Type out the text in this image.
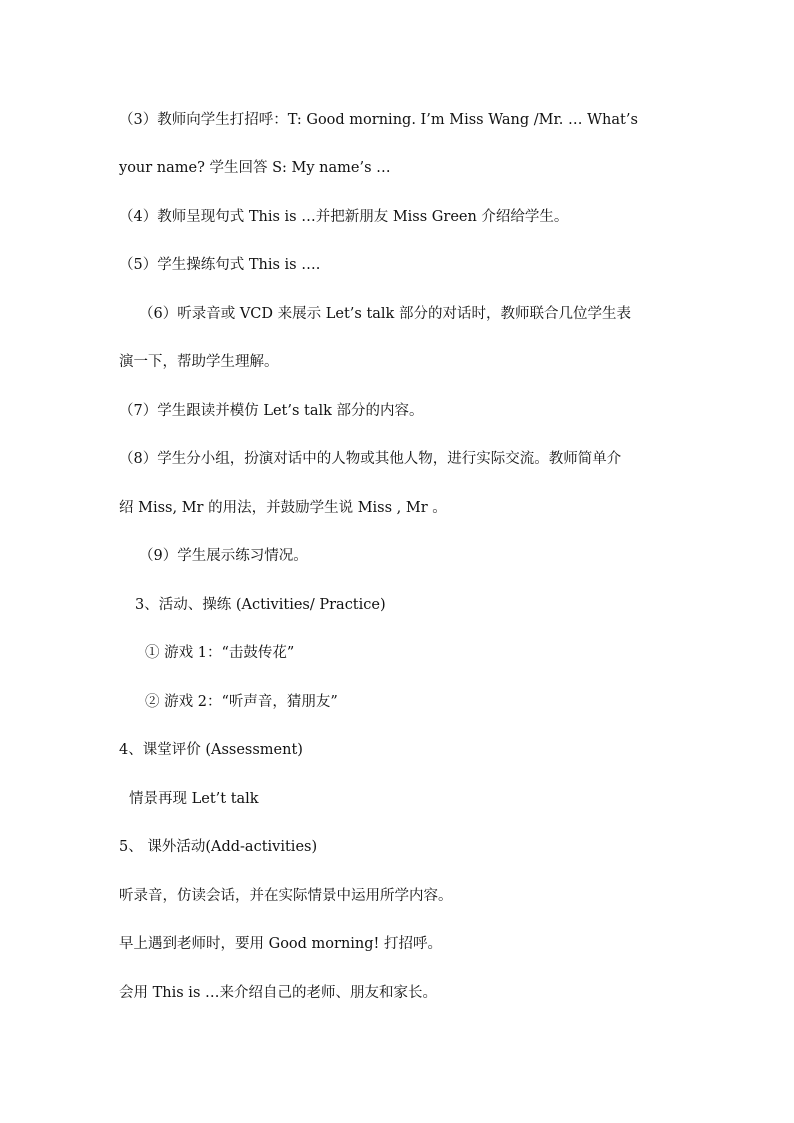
（3）教师向学生打招呼：T: Good morning. I’m Miss Wang /Mr. … What’s
your name? 学生回答 S: My name’s …
（4）教师呈现句式 This is …并把新朋友 Miss Green 介绍给学生。
（5）学生操练句式 This is ….
（6）听录音或 VCD 来展示 Let’s talk 部分的对话时，教师联合几位学生表
演一下，帮助学生理解。
（7）学生跟读并模仿 Let’s talk 部分的内容。
（8）学生分小组，扮演对话中的人物或其他人物，进行实际交流。教师简单介
绍 Miss, Mr 的用法，并鼓励学生说 Miss , Mr 。
（9）学生展示练习情况。
3、活动、操练 (Activities/ Practice)
① 游戏 1：“击鼓传花”
② 游戏 2：“听声音，猜朋友”
4、课堂评价 (Assessment)
情景再现 Let’t talk
5、 课外活动(Add-activities)
听录音，仿读会话，并在实际情景中运用所学内容。
早上遇到老师时，要用 Good morning! 打招呼。
会用 This is …来介绍自己的老师、朋友和家长。
